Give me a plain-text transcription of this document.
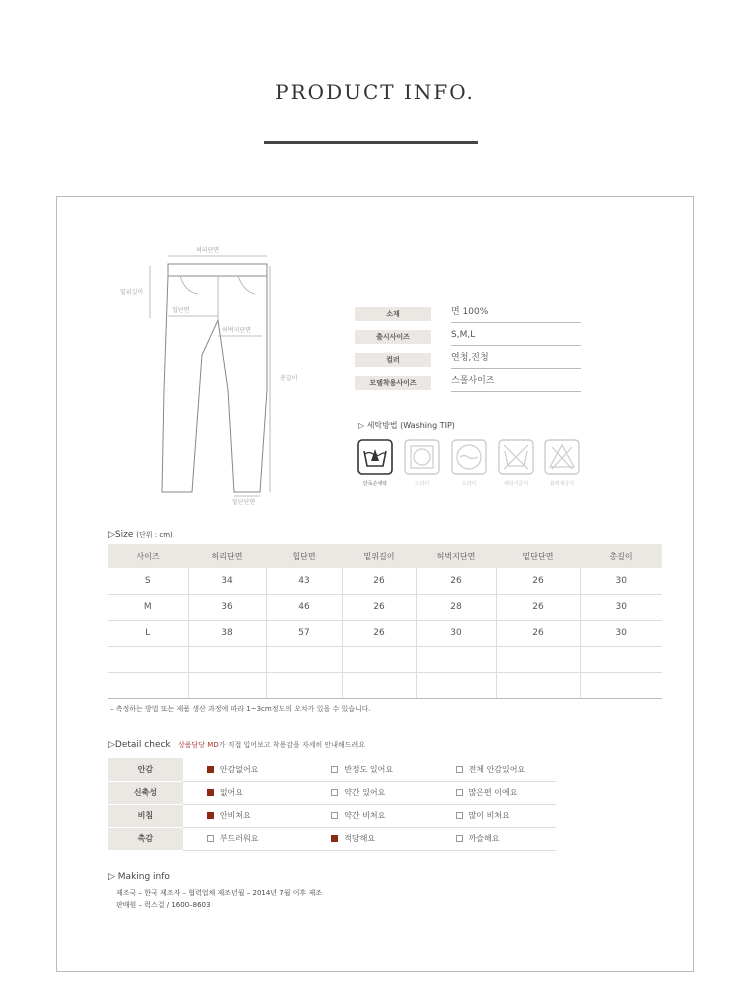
PRODUCT INFO.
허리단면
밑위길이
총길이
힙단면
허벅지단면
밑단단면
소재	면 100%
출시사이즈	S,M,L
컬러	연청,진청
모델착용사이즈	스몰사이즈
▷ 세탁방법 (Washing TIP)
단독손세탁	드라이	드라이	세탁기금지	표백제금지
▷Size (단위 : cm)
사이즈	허리단면	힙단면	밑위길이	허벅지단면	밑단단면	총길이
S	34	43	26	26	26	30
M	36	46	26	28	26	30
L	38	57	26	30	26	30

– 측정하는 방법 또는 제품 생산 과정에 따라 1~3cm정도의 오차가 있을 수 있습니다.
▷Detail check 상품담당 MD가 직접 입어보고 착용감을 자세히 안내해드려요
안감	안감없어요	반정도 있어요	전체 안감있어요
신축성	없어요	약간 있어요	많은편 이에요
비침	안비쳐요	약간 비쳐요	많이 비쳐요
촉감	부드러워요	적당해요	까슬해요
▷ Making info
제조국 – 한국 제조자 – 협력업체 제조년월 – 2014년 7월 이후 제조
판매원 – 럭스걸 / 1600–8603
